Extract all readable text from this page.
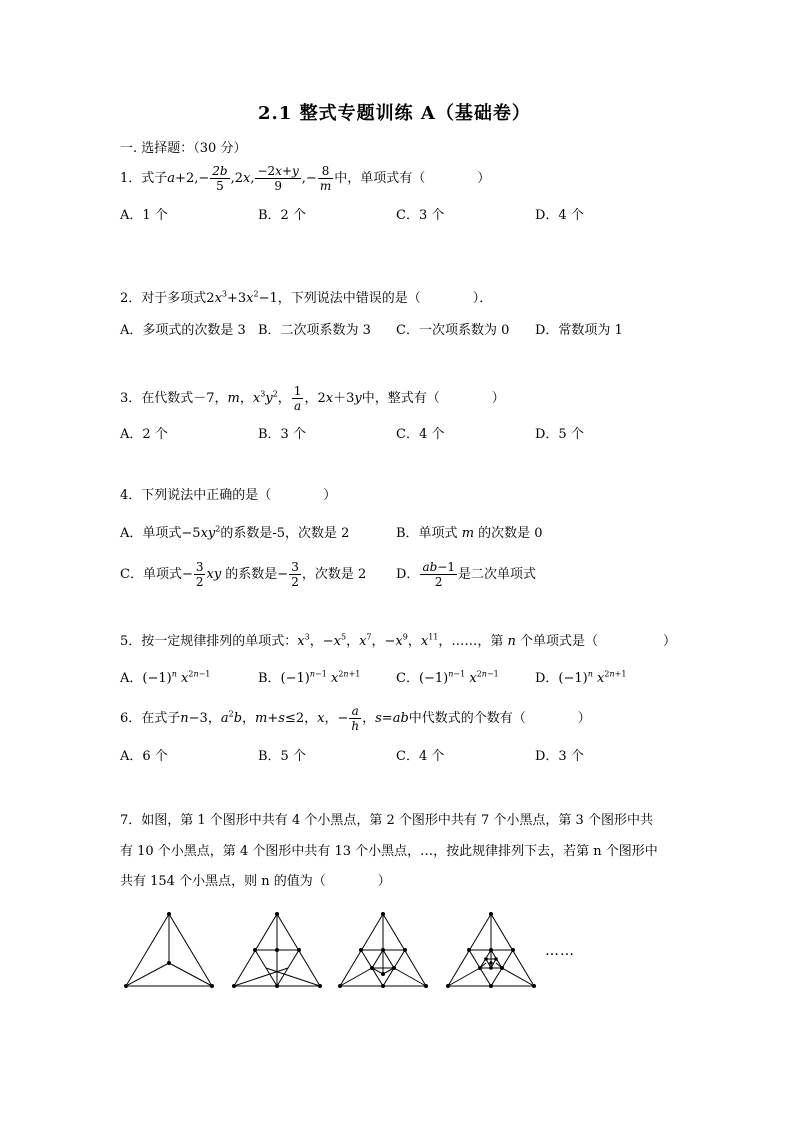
2.1 整式专题训练 A（基础卷）
一. 选择题：（30 分）
1．式子$a+2,- \frac{2b}{5} ,2x$, $\frac{-2x+y}{9}$ ,− $\frac{8}{m}$ 中，单项式有（　　　　）
A．1 个	B．2 个	C．3 个	D．4 个
2．对于多项式$2x^3+3x^2-1$，下列说法中错误的是（　　　　）．
A．多项式的次数是 3 B．二次项系数为 3 C．一次项系数为 0 D．常数项为 1
3．在代数式－7，m，$x^3y^2$， $\frac{1}{a}$ ，2x＋3y中，整式有（　　　　）
A．2 个	B．3 个	C．4 个	D．5 个
4．下列说法中正确的是（　　　　）
A．单项式$-5xy^2$的系数是-5，次数是 2	B．单项式 m 的次数是 0
C．单项式− $\frac{3}{2}$ xy 的系数是− $\frac{3}{2}$ ，次数是 2 D． $\frac{ab-1}{2}$ 是二次单项式
5．按一定规律排列的单项式：$x^3$，$-x^5$，$x^7$，$-x^9$，$x^{11}$，……，第 n 个单项式是（　　　　　）
A．$(-1)^n$ $x^{2n-1}$	B．$(-1)^{n-1}$ $x^{2n+1}$	C．$(-1)^{n-1}$ $x^{2n-1}$	D．$(-1)^n$ $x^{2n+1}$
6．在式子n−3，$a^2b$，m+s≤2，x，− $\frac{a}{h}$ ，s=ab中代数式的个数有（　　　　）
A．6 个	B．5 个	C．4 个	D．3 个
7．如图，第 1 个图形中共有 4 个小黑点，第 2 个图形中共有 7 个小黑点，第 3 个图形中共
有 10 个小黑点，第 4 个图形中共有 13 个小黑点，…，按此规律排列下去，若第 n 个图形中
共有 154 个小黑点，则 n 的值为（　　　　）
……
